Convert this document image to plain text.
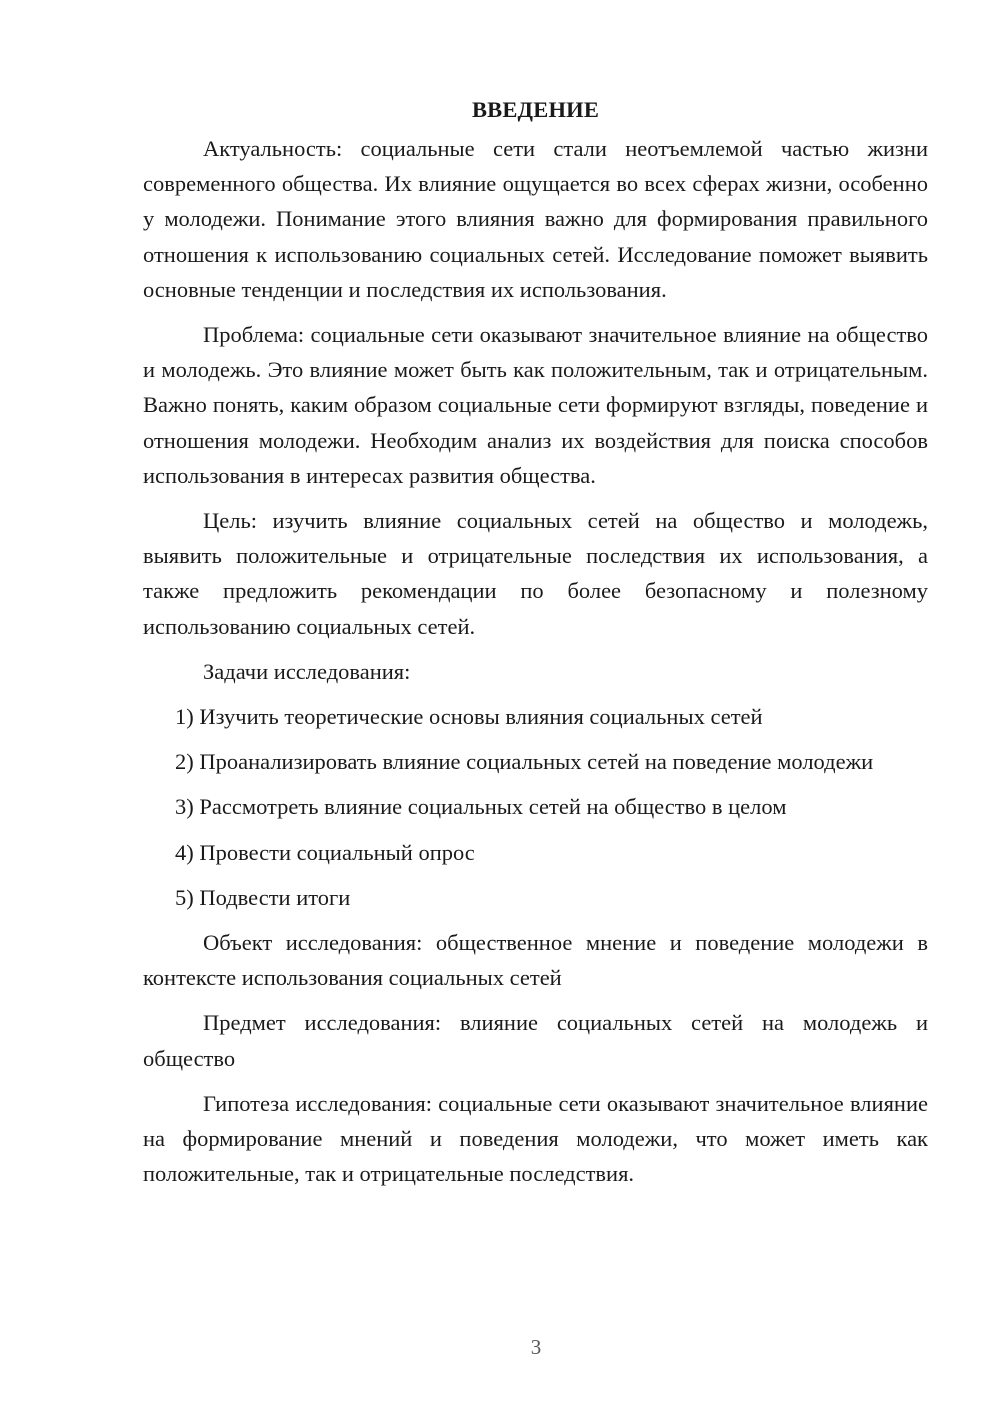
ВВЕДЕНИЕ

Актуальность: социальные сети стали неотъемлемой частью жизни современного общества. Их влияние ощущается во всех сферах жизни, особенно у молодежи. Понимание этого влияния важно для формирования правильного отношения к использованию социальных сетей. Исследование поможет выявить основные тенденции и последствия их использования.

Проблема: социальные сети оказывают значительное влияние на общество и молодежь. Это влияние может быть как положительным, так и отрицательным. Важно понять, каким образом социальные сети формируют взгляды, поведение и отношения молодежи. Необходим анализ их воздействия для поиска способов использования в интересах развития общества.

Цель: изучить влияние социальных сетей на общество и молодежь, выявить положительные и отрицательные последствия их использования, а также предложить рекомендации по более безопасному и полезному использованию социальных сетей.

Задачи исследования:

1) Изучить теоретические основы влияния социальных сетей

2) Проанализировать влияние социальных сетей на поведение молодежи

3) Рассмотреть влияние социальных сетей на общество в целом

4) Провести социальный опрос

5) Подвести итоги

Объект исследования: общественное мнение и поведение молодежи в контексте использования социальных сетей

Предмет исследования: влияние социальных сетей на молодежь и общество

Гипотеза исследования: социальные сети оказывают значительное влияние на формирование мнений и поведения молодежи, что может иметь как положительные, так и отрицательные последствия.

3
